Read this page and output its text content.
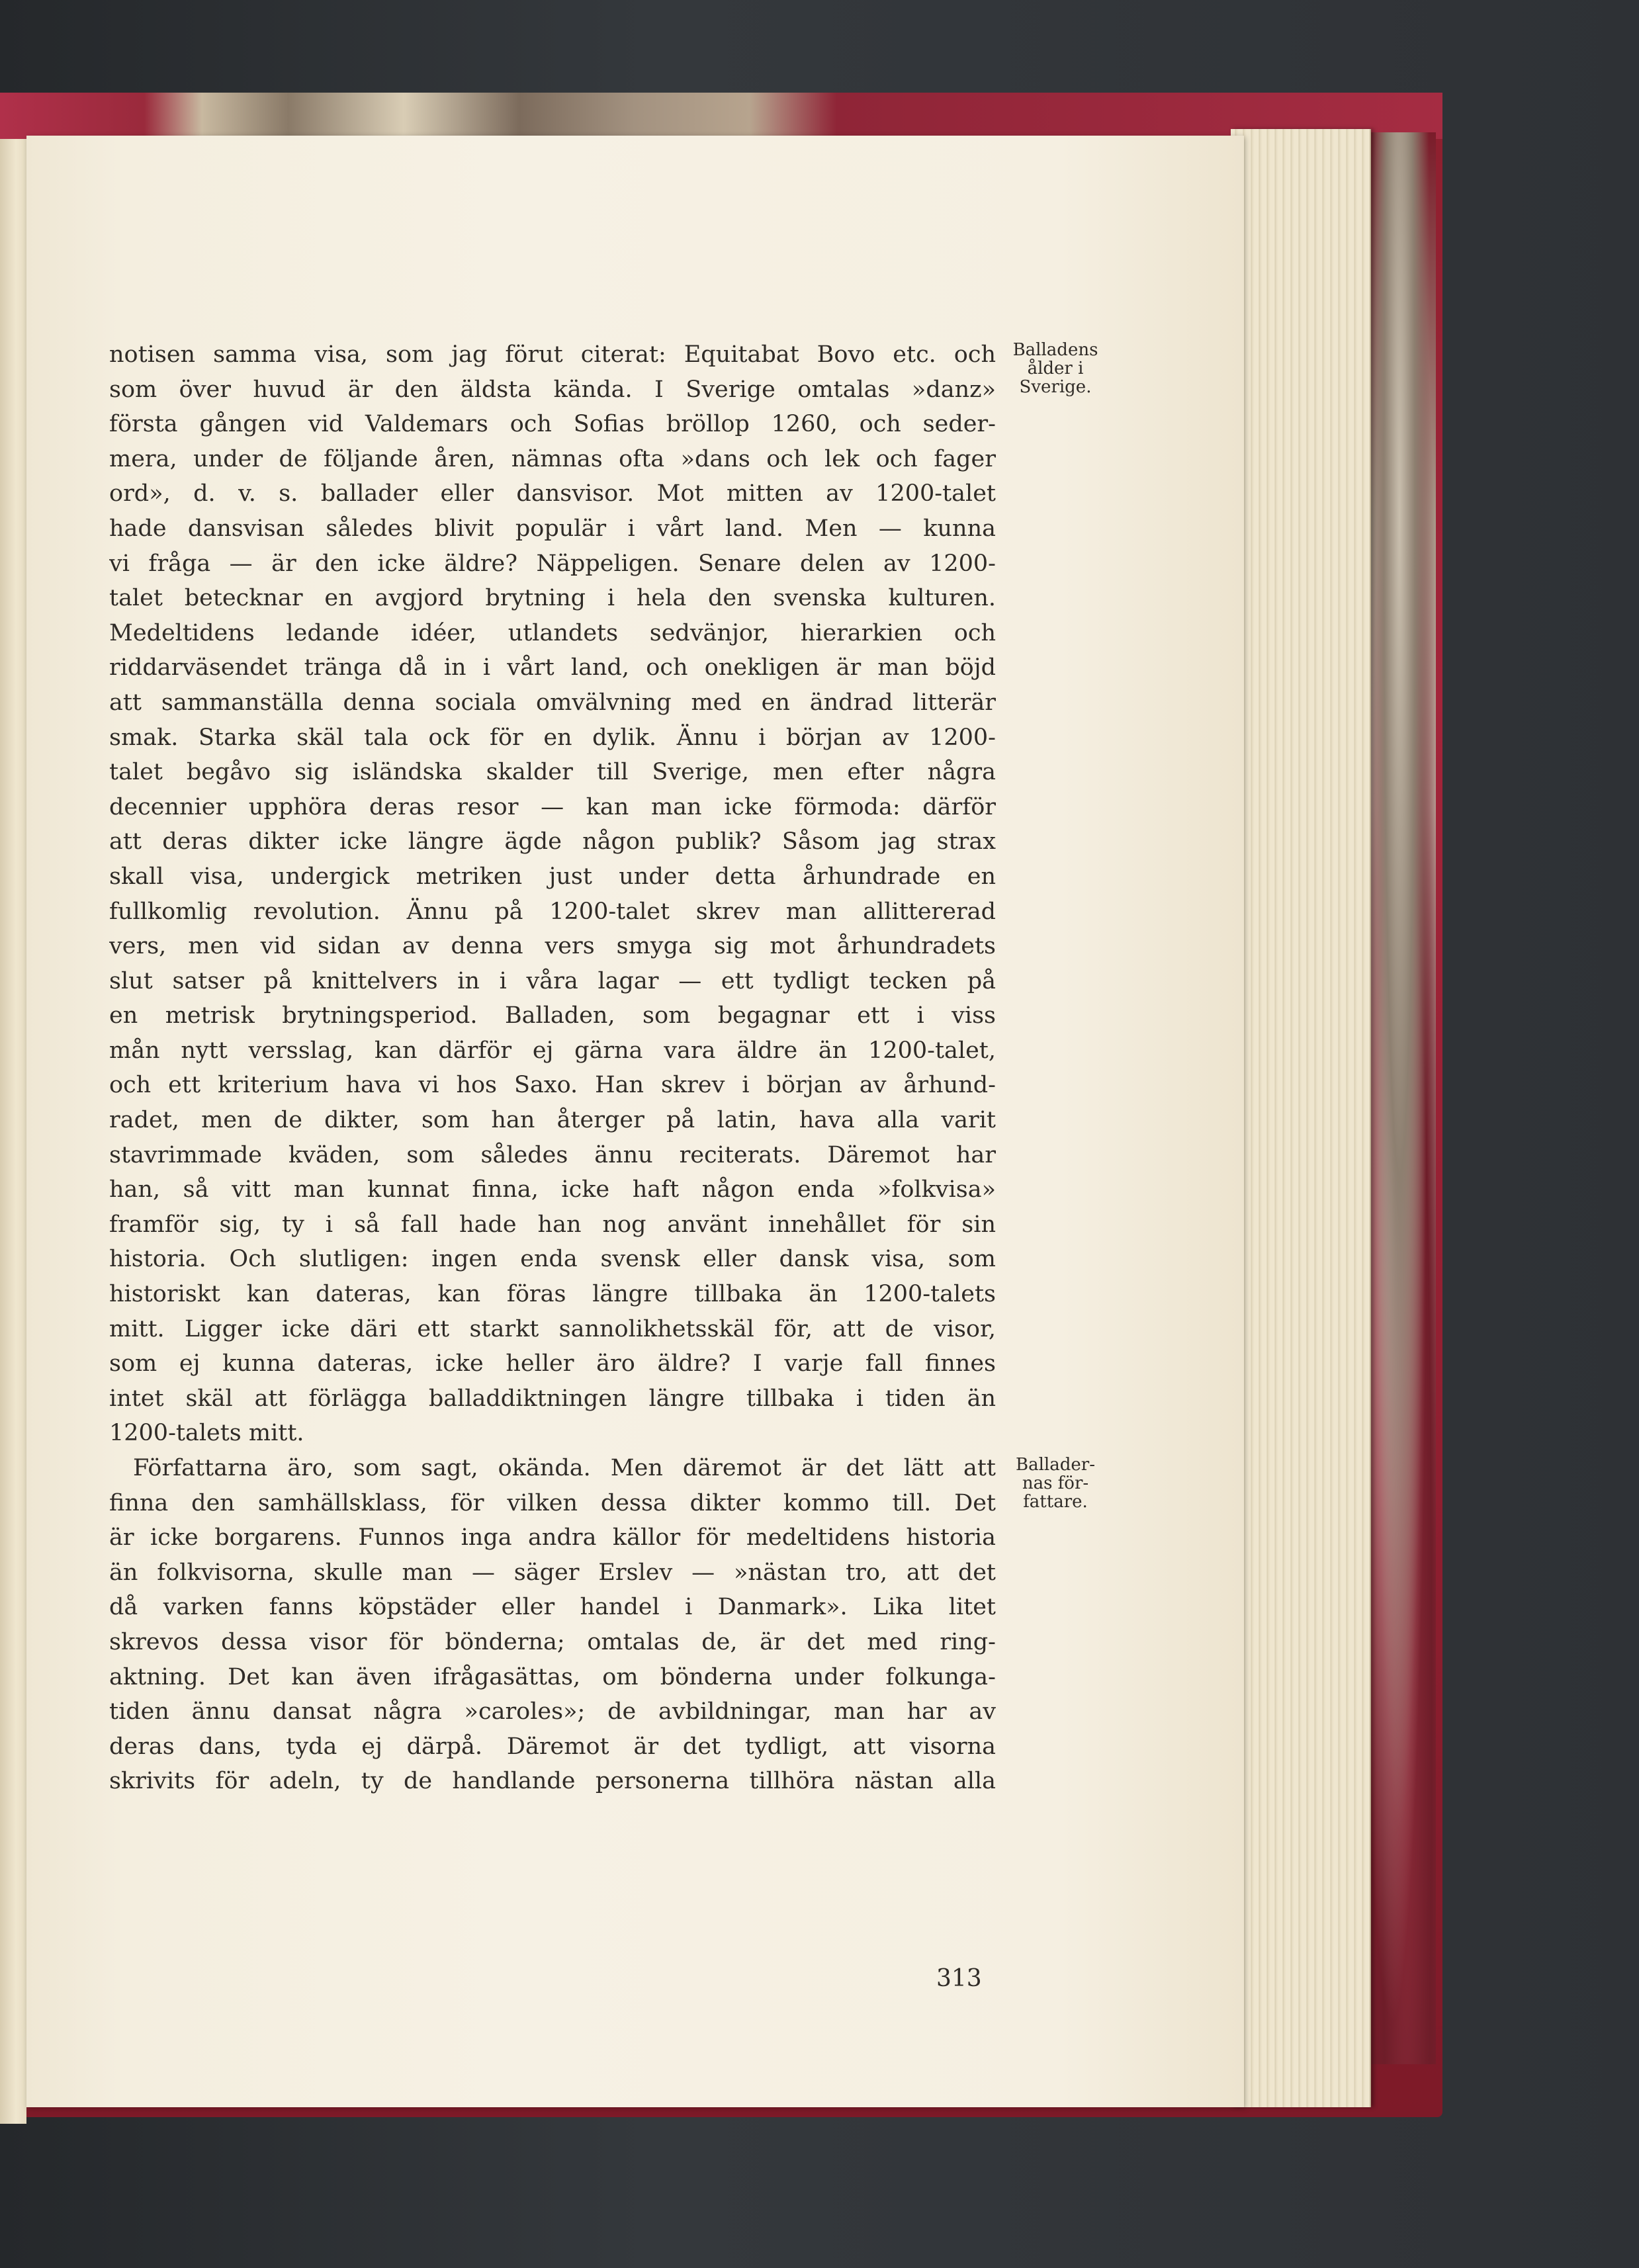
notisen samma visa, som jag förut citerat: Equitabat Bovo etc. och
som över huvud är den äldsta kända. I Sverige omtalas »danz»
första gången vid Valdemars och Sofias bröllop 1260, och seder-
mera, under de följande åren, nämnas ofta »dans och lek och fager
ord», d. v. s. ballader eller dansvisor. Mot mitten av 1200-talet
hade dansvisan således blivit populär i vårt land. Men — kunna
vi fråga — är den icke äldre? Näppeligen. Senare delen av 1200-
talet betecknar en avgjord brytning i hela den svenska kulturen.
Medeltidens ledande idéer, utlandets sedvänjor, hierarkien och
riddarväsendet tränga då in i vårt land, och onekligen är man böjd
att sammanställa denna sociala omvälvning med en ändrad litterär
smak. Starka skäl tala ock för en dylik. Ännu i början av 1200-
talet begåvo sig isländska skalder till Sverige, men efter några
decennier upphöra deras resor — kan man icke förmoda: därför
att deras dikter icke längre ägde någon publik? Såsom jag strax
skall visa, undergick metriken just under detta århundrade en
fullkomlig revolution. Ännu på 1200-talet skrev man allittererad
vers, men vid sidan av denna vers smyga sig mot århundradets
slut satser på knittelvers in i våra lagar — ett tydligt tecken på
en metrisk brytningsperiod. Balladen, som begagnar ett i viss
mån nytt versslag, kan därför ej gärna vara äldre än 1200-talet,
och ett kriterium hava vi hos Saxo. Han skrev i början av århund-
radet, men de dikter, som han återger på latin, hava alla varit
stavrimmade kväden, som således ännu reciterats. Däremot har
han, så vitt man kunnat finna, icke haft någon enda »folkvisa»
framför sig, ty i så fall hade han nog använt innehållet för sin
historia. Och slutligen: ingen enda svensk eller dansk visa, som
historiskt kan dateras, kan föras längre tillbaka än 1200-talets
mitt. Ligger icke däri ett starkt sannolikhetsskäl för, att de visor,
som ej kunna dateras, icke heller äro äldre? I varje fall finnes
intet skäl att förlägga balladdiktningen längre tillbaka i tiden än
1200-talets mitt.
Författarna äro, som sagt, okända. Men däremot är det lätt att
finna den samhällsklass, för vilken dessa dikter kommo till. Det
är icke borgarens. Funnos inga andra källor för medeltidens historia
än folkvisorna, skulle man — säger Erslev — »nästan tro, att det
då varken fanns köpstäder eller handel i Danmark». Lika litet
skrevos dessa visor för bönderna; omtalas de, är det med ring-
aktning. Det kan även ifrågasättas, om bönderna under folkunga-
tiden ännu dansat några »caroles»; de avbildningar, man har av
deras dans, tyda ej därpå. Däremot är det tydligt, att visorna
skrivits för adeln, ty de handlande personerna tillhöra nästan alla
Balladens
ålder i
Sverige.
Ballader-
nas för-
fattare.
313
